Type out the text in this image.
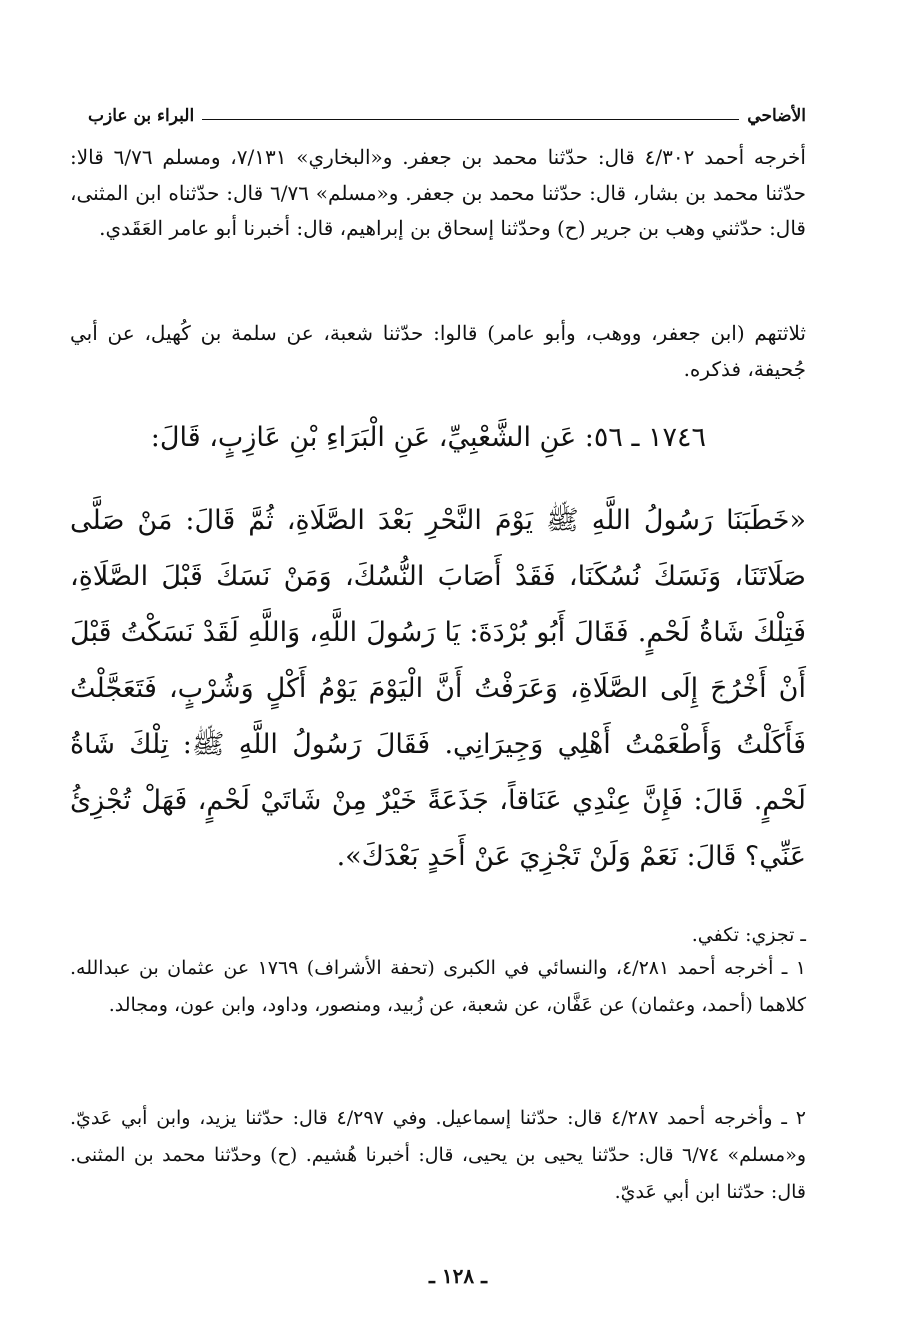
الأضاحي
البراء بن عازب

أخرجه أحمد ٤/٣٠٢ قال: حدّثنا محمد بن جعفر. و«البخاري» ٧/١٣١، ومسلم ٦/٧٦ قالا: حدّثنا محمد بن بشار، قال: حدّثنا محمد بن جعفر. و«مسلم» ٦/٧٦ قال: حدّثناه ابن المثنى، قال: حدّثني وهب بن جرير (ح) وحدّثنا إسحاق بن إبراهيم، قال: أخبرنا أبو عامر العَقَدي.

ثلاثتهم (ابن جعفر، ووهب، وأبو عامر) قالوا: حدّثنا شعبة، عن سلمة بن كُهيل، عن أبي جُحيفة، فذكره.

١٧٤٦ ـ ٥٦: عَنِ الشَّعْبِيِّ، عَنِ الْبَرَاءِ بْنِ عَازِبٍ، قَالَ:

«خَطَبَنَا رَسُولُ اللَّهِ ﷺ يَوْمَ النَّحْرِ بَعْدَ الصَّلَاةِ، ثُمَّ قَالَ: مَنْ صَلَّى صَلَاتَنَا، وَنَسَكَ نُسُكَنَا، فَقَدْ أَصَابَ النُّسُكَ، وَمَنْ نَسَكَ قَبْلَ الصَّلَاةِ، فَتِلْكَ شَاةُ لَحْمٍ. فَقَالَ أَبُو بُرْدَةَ: يَا رَسُولَ اللَّهِ، وَاللَّهِ لَقَدْ نَسَكْتُ قَبْلَ أَنْ أَخْرُجَ إِلَى الصَّلَاةِ، وَعَرَفْتُ أَنَّ الْيَوْمَ يَوْمُ أَكْلٍ وَشُرْبٍ، فَتَعَجَّلْتُ فَأَكَلْتُ وَأَطْعَمْتُ أَهْلِي وَجِيرَانِي. فَقَالَ رَسُولُ اللَّهِ ﷺ: تِلْكَ شَاةُ لَحْمٍ. قَالَ: فَإِنَّ عِنْدِي عَنَاقاً، جَذَعَةً خَيْرٌ مِنْ شَاتَيْ لَحْمٍ، فَهَلْ تُجْزِئُ عَنِّي؟ قَالَ: نَعَمْ وَلَنْ تَجْزِيَ عَنْ أَحَدٍ بَعْدَكَ».

ـ تجزي: تكفي.

١ ـ أخرجه أحمد ٤/٢٨١، والنسائي في الكبرى (تحفة الأشراف) ١٧٦٩ عن عثمان بن عبدالله. كلاهما (أحمد، وعثمان) عن عَفَّان، عن شعبة، عن زُبيد، ومنصور، وداود، وابن عون، ومجالد.

٢ ـ وأخرجه أحمد ٤/٢٨٧ قال: حدّثنا إسماعيل. وفي ٤/٢٩٧ قال: حدّثنا يزيد، وابن أبي عَديّ. و«مسلم» ٦/٧٤ قال: حدّثنا يحيى بن يحيى، قال: أخبرنا هُشيم. (ح) وحدّثنا محمد بن المثنى. قال: حدّثنا ابن أبي عَديّ.

ـ ١٢٨ ـ
